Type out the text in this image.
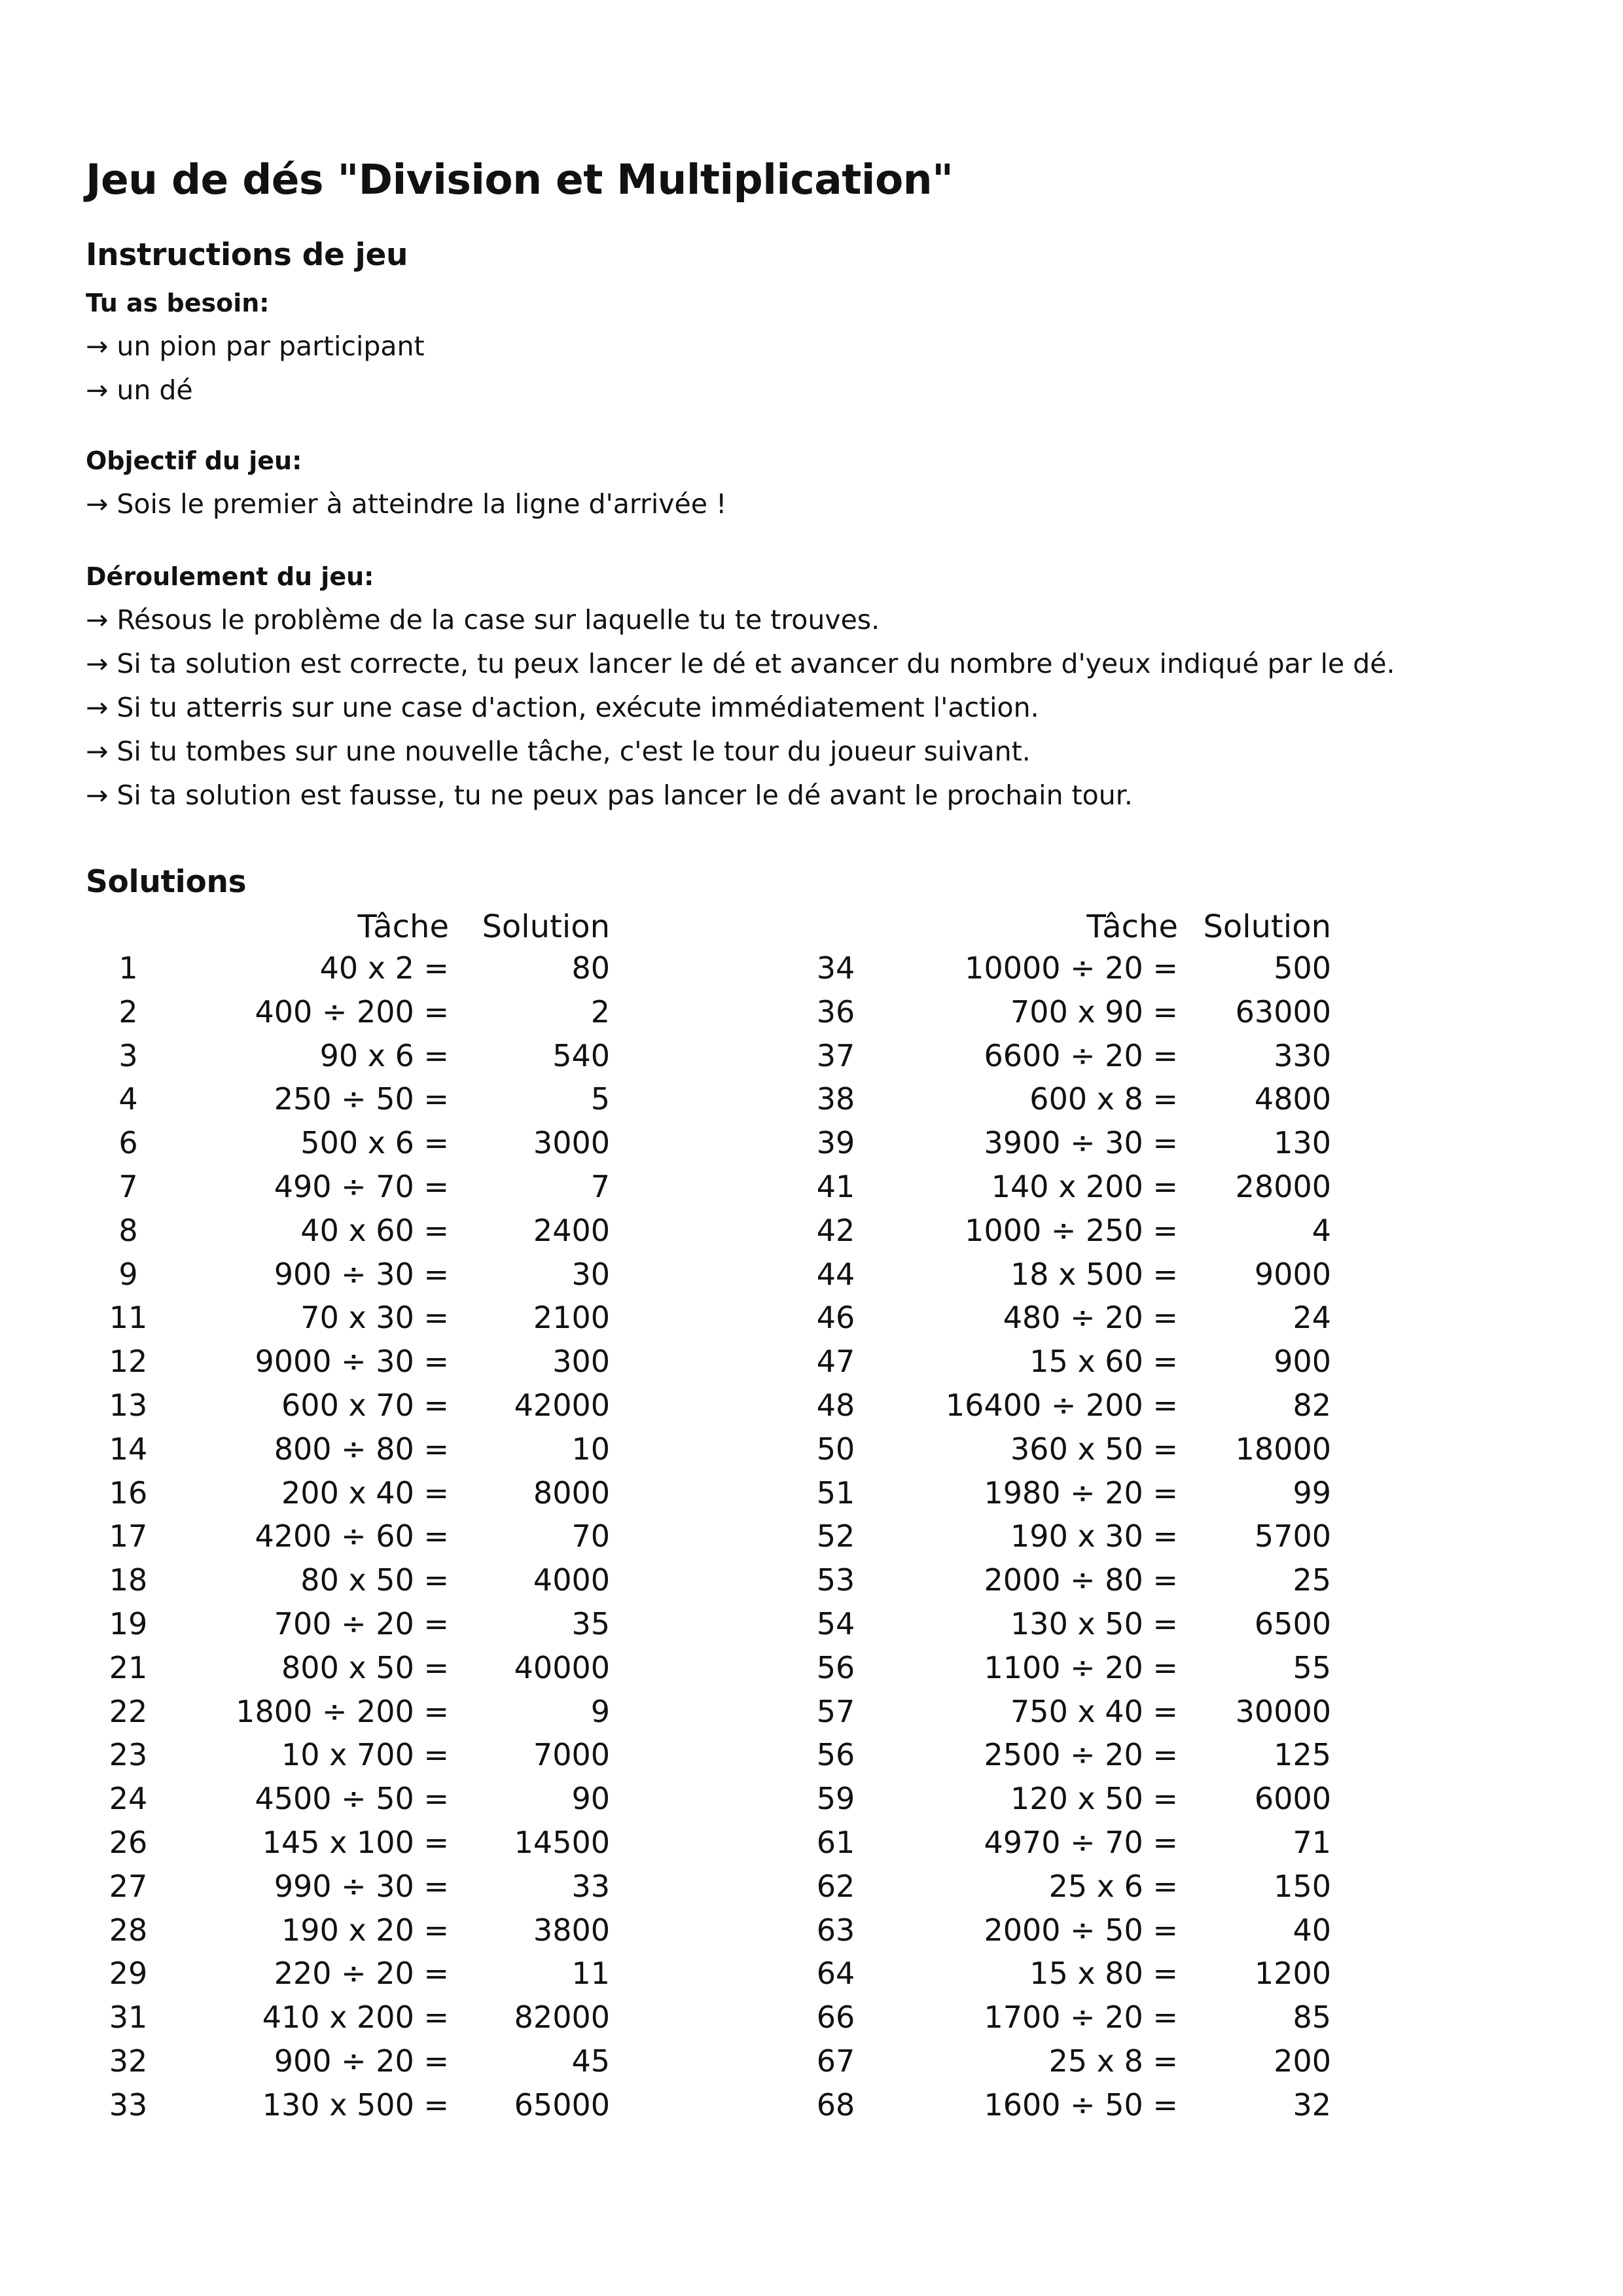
Jeu de dés "Division et Multiplication"
Instructions de jeu
Tu as besoin:
→ un pion par participant
→ un dé
Objectif du jeu:
→ Sois le premier à atteindre la ligne d'arrivée !
Déroulement du jeu:
→ Résous le problème de la case sur laquelle tu te trouves.
→ Si ta solution est correcte, tu peux lancer le dé et avancer du nombre d'yeux indiqué par le dé.
→ Si tu atterris sur une case d'action, exécute immédiatement l'action.
→ Si tu tombes sur une nouvelle tâche, c'est le tour du joueur suivant.
→ Si ta solution est fausse, tu ne peux pas lancer le dé avant le prochain tour.
Solutions
Tâche Solution
1	40 x 2 =	80
2	400 ÷ 200 =	2
3	90 x 6 =	540
4	250 ÷ 50 =	5
6	500 x 6 =	3000
7	490 ÷ 70 =	7
8	40 x 60 =	2400
9	900 ÷ 30 =	30
11	70 x 30 =	2100
12	9000 ÷ 30 =	300
13	600 x 70 = 42000
14	800 ÷ 80 =	10
16	200 x 40 =	8000
17	4200 ÷ 60 =	70
18	80 x 50 =	4000
19	700 ÷ 20 =	35
21	800 x 50 = 40000
22	1800 ÷ 200 =	9
23	10 x 700 =	7000
24	4500 ÷ 50 =	90
26	145 x 100 = 14500
27	990 ÷ 30 =	33
28	190 x 20 =	3800
29	220 ÷ 20 =	11
31	410 x 200 = 82000
32	900 ÷ 20 =	45
33	130 x 500 = 65000
Tâche Solution
34	10000 ÷ 20 =	500
36	700 x 90 = 63000
37	6600 ÷ 20 =	330
38	600 x 8 =	4800
39	3900 ÷ 30 =	130
41	140 x 200 = 28000
42	1000 ÷ 250 =	4
44	18 x 500 =	9000
46	480 ÷ 20 =	24
47	15 x 60 =	900
48	16400 ÷ 200 =	82
50	360 x 50 = 18000
51	1980 ÷ 20 =	99
52	190 x 30 =	5700
53	2000 ÷ 80 =	25
54	130 x 50 =	6500
56	1100 ÷ 20 =	55
57	750 x 40 = 30000
56	2500 ÷ 20 =	125
59	120 x 50 =	6000
61	4970 ÷ 70 =	71
62	25 x 6 =	150
63	2000 ÷ 50 =	40
64	15 x 80 =	1200
66	1700 ÷ 20 =	85
67	25 x 8 =	200
68	1600 ÷ 50 =	32
